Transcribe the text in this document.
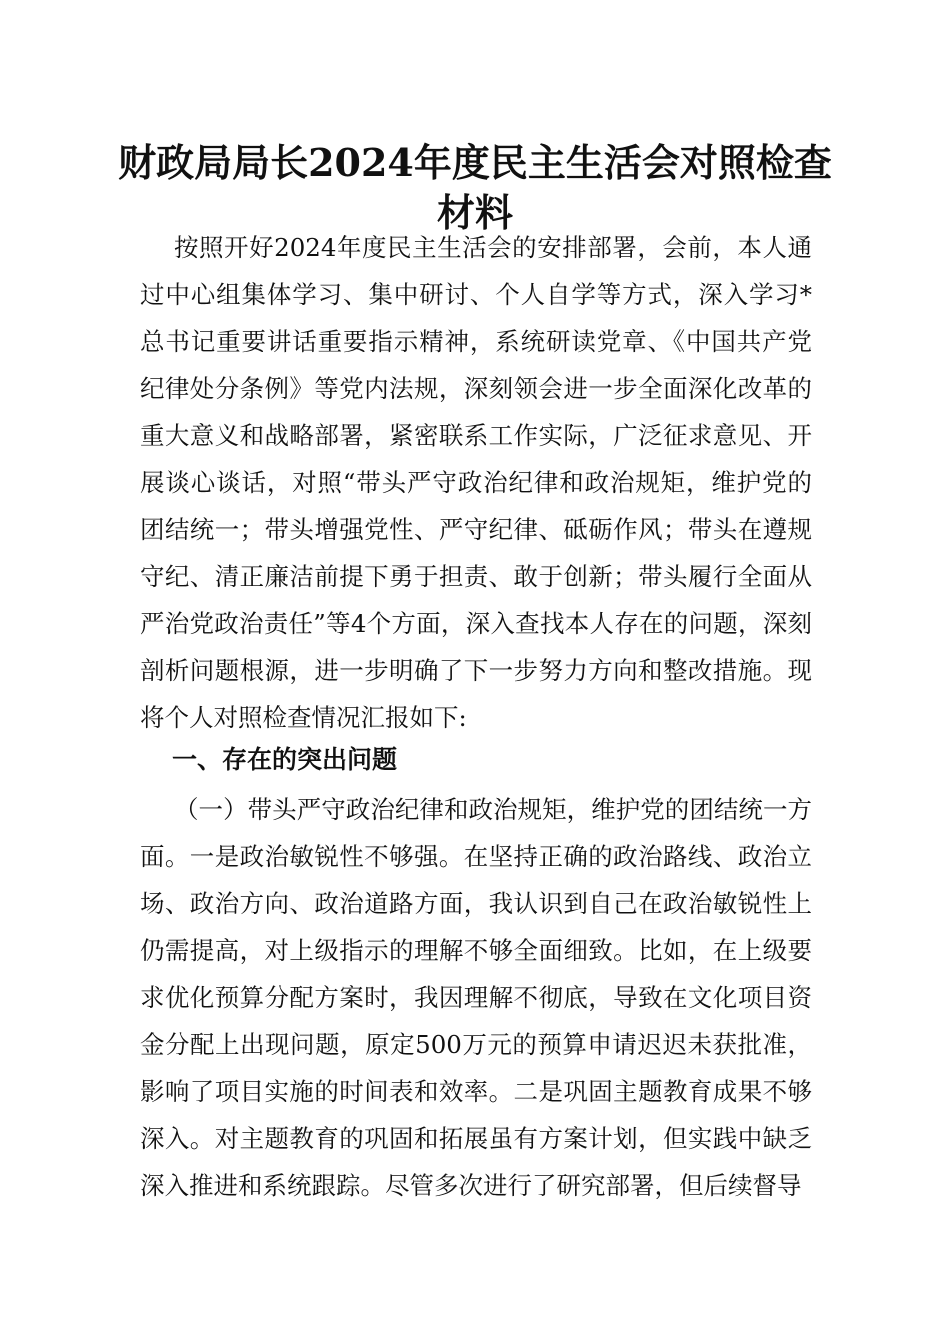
财政局局长2024年度民主生活会对照检查材料

按照开好2024年度民主生活会的安排部署，会前，本人通过中心组集体学习、集中研讨、个人自学等方式，深入学习*总书记重要讲话重要指示精神，系统研读党章、《中国共产党纪律处分条例》等党内法规，深刻领会进一步全面深化改革的重大意义和战略部署，紧密联系工作实际，广泛征求意见、开展谈心谈话，对照“带头严守政治纪律和政治规矩，维护党的团结统一；带头增强党性、严守纪律、砥砺作风；带头在遵规守纪、清正廉洁前提下勇于担责、敢于创新；带头履行全面从严治党政治责任”等4个方面，深入查找本人存在的问题，深刻剖析问题根源，进一步明确了下一步努力方向和整改措施。现将个人对照检查情况汇报如下:

一、存在的突出问题

（一）带头严守政治纪律和政治规矩，维护党的团结统一方面。一是政治敏锐性不够强。在坚持正确的政治路线、政治立场、政治方向、政治道路方面，我认识到自己在政治敏锐性上仍需提高，对上级指示的理解不够全面细致。比如，在上级要求优化预算分配方案时，我因理解不彻底，导致在文化项目资金分配上出现问题，原定500万元的预算申请迟迟未获批准，影响了项目实施的时间表和效率。二是巩固主题教育成果不够深入。对主题教育的巩固和拓展虽有方案计划，但实践中缺乏深入推进和系统跟踪。尽管多次进行了研究部署，但后续督导
